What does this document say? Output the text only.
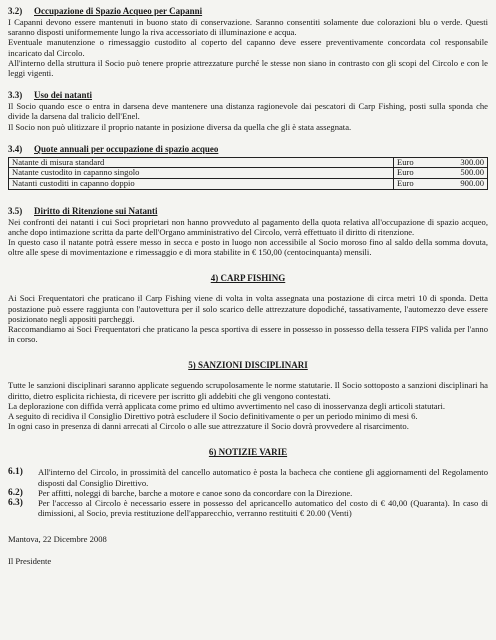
3.2) Occupazione di Spazio Acqueo per Capanni

I Capanni devono essere mantenuti in buono stato di conservazione. Saranno consentiti solamente due colorazioni blu o verde. Questi saranno disposti uniformemente lungo la riva accessoriato di illuminazione e acqua.

Eventuale manutenzione o rimessaggio custodito al coperto del capanno deve essere preventivamente concordata col responsabile incaricato dal Circolo.

All'interno della struttura il Socio può tenere proprie attrezzature purché le stesse non siano in contrasto con gli scopi del Circolo e con le leggi vigenti.

3.3) Uso dei natanti

Il Socio quando esce o entra in darsena deve mantenere una distanza ragionevole dai pescatori di Carp Fishing, posti sulla sponda che divide la darsena dal tralicio dell'Enel.

Il Socio non può ulitizzare il proprio natante in posizione diversa da quella che gli è stata assegnata.

3.4) Quote annuali per occupazione di spazio acqueo
Natante di misura standard	Euro	300.00
Natante custodito in capanno singolo	Euro	500.00
Natanti custoditi in capanno doppio	Euro	900.00
3.5) Diritto di Ritenzione sui Natanti

Nei confronti dei natanti i cui Soci proprietari non hanno provveduto al pagamento della quota relativa all'occupazione di spazio acqueo, anche dopo intimazione scritta da parte dell'Organo amministrativo del Circolo, verrà effettuato il diritto di ritenzione.

In questo caso il natante potrà essere messo in secca e posto in luogo non accessibile al Socio moroso fino al saldo della somma dovuta, oltre alle spese di movimentazione e rimessaggio e di mora stabilite in € 150,00 (centocinquanta) mensili.

4) CARP FISHING

Ai Soci Frequentatori che praticano il Carp Fishing viene di volta in volta assegnata una postazione di circa metri 10 di sponda. Detta postazione può essere raggiunta con l'autovettura per il solo scarico delle attrezzature dopodiché, tassativamente, l'automezzo deve essere posizionato negli appositi parcheggi.

Raccomandiamo ai Soci Frequentatori che praticano la pesca sportiva di essere in possesso in possesso della tessera FIPS valida per l'anno in corso.

5) SANZIONI DISCIPLINARI

Tutte le sanzioni disciplinari saranno applicate seguendo scrupolosamente le norme statutarie. Il Socio sottoposto a sanzioni disciplinari ha diritto, dietro esplicita richiesta, di ricevere per iscritto gli addebiti che gli vengono contestati.

La deplorazione con diffida verrà applicata come primo ed ultimo avvertimento nel caso di inosservanza degli articoli statutari.

A seguito di recidiva il Consiglio Direttivo potrà escludere il Socio definitivamente o per un periodo minimo di mesi 6.

In ogni caso in presenza di danni arrecati al Circolo o alle sue attrezzature il Socio dovrà provvedere al risarcimento.

6) NOTIZIE VARIE
6.1)	All'interno del Circolo, in prossimità del cancello automatico è posta la bacheca che contiene gli aggiornamenti del Regolamento disposti dal Consiglio Direttivo.
6.2)	Per affitti, noleggi di barche, barche a motore e canoe sono da concordare con la Direzione.
6.3)	Per l'accesso al Circolo è necessario essere in possesso del apricancello automatico del costo di € 40,00 (Quaranta). In caso di dimissioni, al Socio, previa restituzione dell'apparecchio, verranno restituiti € 20.00 (Venti)

Mantova, 22 Dicembre 2008

Il Presidente
